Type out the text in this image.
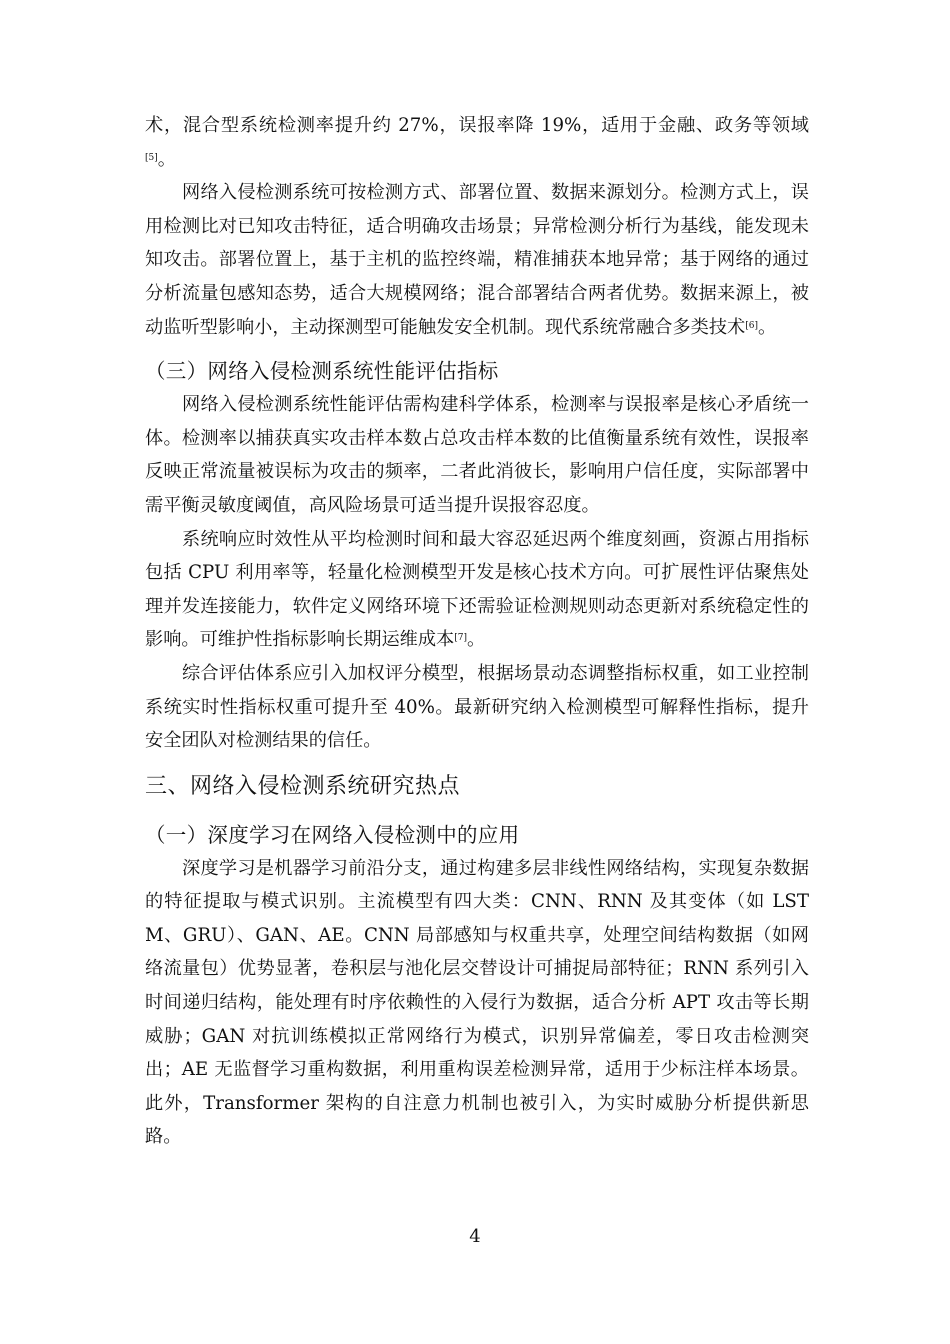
术，混合型系统检测率提升约 27%，误报率降 19%，适用于金融、政务等领域[5]。

网络入侵检测系统可按检测方式、部署位置、数据来源划分。检测方式上，误用检测比对已知攻击特征，适合明确攻击场景；异常检测分析行为基线，能发现未知攻击。部署位置上，基于主机的监控终端，精准捕获本地异常；基于网络的通过分析流量包感知态势，适合大规模网络；混合部署结合两者优势。数据来源上，被动监听型影响小，主动探测型可能触发安全机制。现代系统常融合多类技术[6]。

（三）网络入侵检测系统性能评估指标

网络入侵检测系统性能评估需构建科学体系，检测率与误报率是核心矛盾统一体。检测率以捕获真实攻击样本数占总攻击样本数的比值衡量系统有效性，误报率反映正常流量被误标为攻击的频率，二者此消彼长，影响用户信任度，实际部署中需平衡灵敏度阈值，高风险场景可适当提升误报容忍度。

系统响应时效性从平均检测时间和最大容忍延迟两个维度刻画，资源占用指标包括 CPU 利用率等，轻量化检测模型开发是核心技术方向。可扩展性评估聚焦处理并发连接能力，软件定义网络环境下还需验证检测规则动态更新对系统稳定性的影响。可维护性指标影响长期运维成本[7]。

综合评估体系应引入加权评分模型，根据场景动态调整指标权重，如工业控制系统实时性指标权重可提升至 40%。最新研究纳入检测模型可解释性指标，提升安全团队对检测结果的信任。

三、网络入侵检测系统研究热点
（一）深度学习在网络入侵检测中的应用

深度学习是机器学习前沿分支，通过构建多层非线性网络结构，实现复杂数据的特征提取与模式识别。主流模型有四大类：CNN、RNN 及其变体（如 LSTM、GRU）、GAN、AE。CNN 局部感知与权重共享，处理空间结构数据（如网络流量包）优势显著，卷积层与池化层交替设计可捕捉局部特征；RNN 系列引入时间递归结构，能处理有时序依赖性的入侵行为数据，适合分析 APT 攻击等长期威胁；GAN 对抗训练模拟正常网络行为模式，识别异常偏差，零日攻击检测突出；AE 无监督学习重构数据，利用重构误差检测异常，适用于少标注样本场景。此外，Transformer 架构的自注意力机制也被引入，为实时威胁分析提供新思路。

4
